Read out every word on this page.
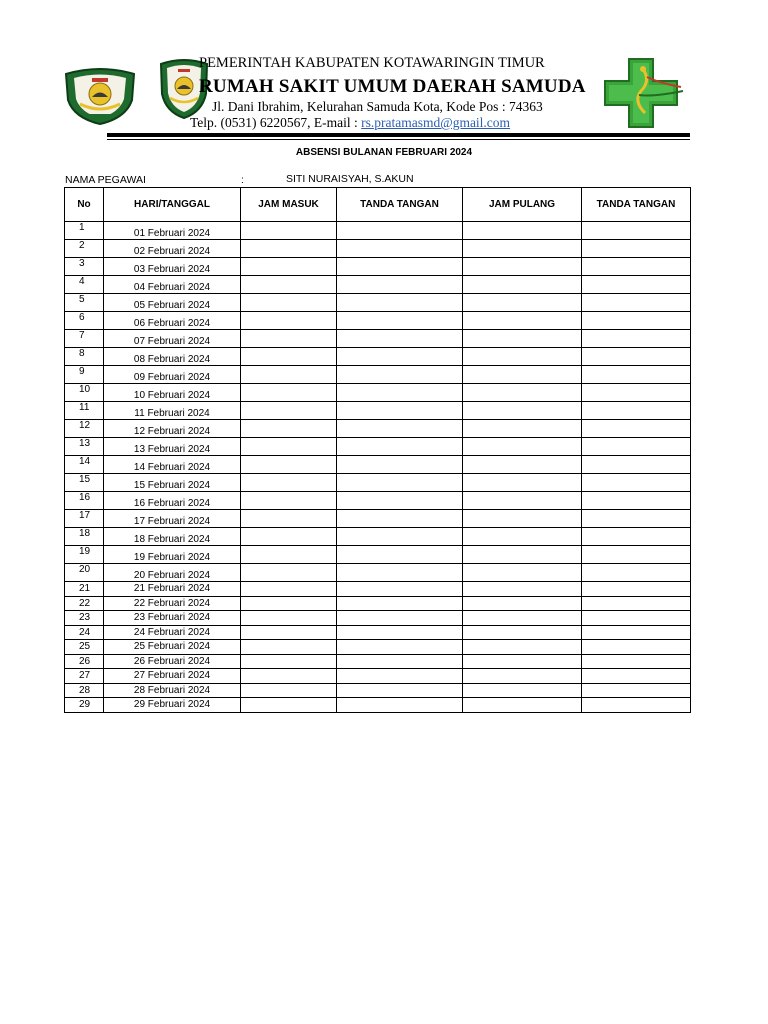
PEMERINTAH KABUPATEN KOTAWARINGIN TIMUR
RUMAH SAKIT UMUM DAERAH SAMUDA
Jl. Dani Ibrahim, Kelurahan Samuda Kota, Kode Pos : 74363
Telp. (0531) 6220567, E-mail : rs.pratamasmd@gmail.com
ABSENSI BULANAN FEBRUARI 2024
NAMA PEGAWAI	:	SITI NURAISYAH, S.AKUN
No	HARI/TANGGAL	JAM MASUK	TANDA TANGAN	JAM PULANG	TANDA TANGAN
1	01 Februari 2024				
2	02 Februari 2024				
3	03 Februari 2024				
4	04 Februari 2024				
5	05 Februari 2024				
6	06 Februari 2024				
7	07 Februari 2024				
8	08 Februari 2024				
9	09 Februari 2024				
10	10 Februari 2024				
11	11 Februari 2024				
12	12 Februari 2024				
13	13 Februari 2024				
14	14 Februari 2024				
15	15 Februari 2024				
16	16 Februari 2024				
17	17 Februari 2024				
18	18 Februari 2024				
19	19 Februari 2024				
20	20 Februari 2024				
21	21 Februari 2024				
22	22 Februari 2024				
23	23 Februari 2024				
24	24 Februari 2024				
25	25 Februari 2024				
26	26 Februari 2024				
27	27 Februari 2024				
28	28 Februari 2024				
29	29 Februari 2024				
